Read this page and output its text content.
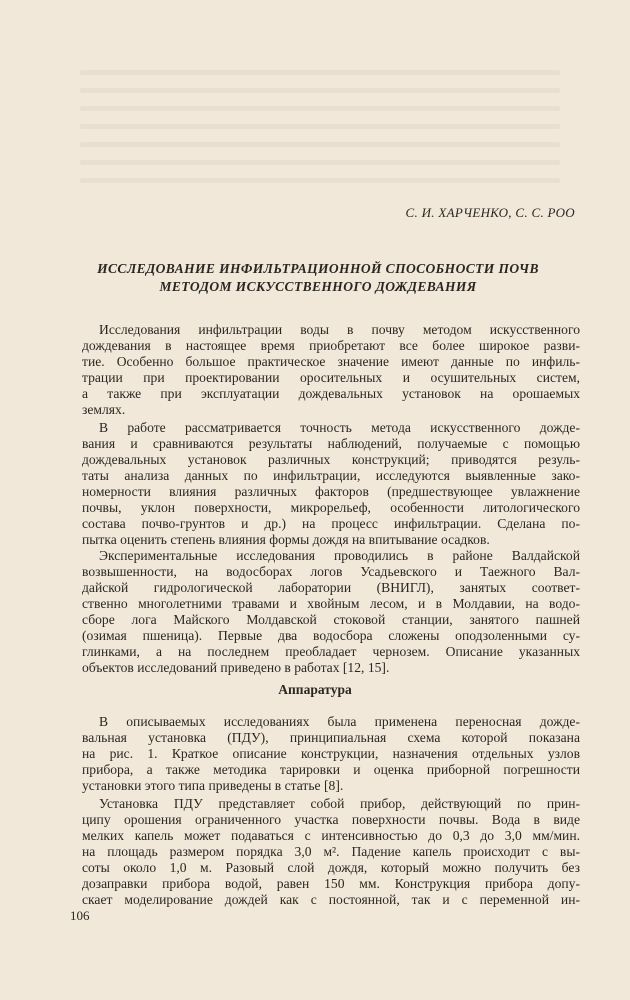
С. И. ХАРЧЕНКО, С. С. РОО
ИССЛЕДОВАНИЕ ИНФИЛЬТРАЦИОННОЙ СПОСОБНОСТИ ПОЧВ
МЕТОДОМ ИСКУССТВЕННОГО ДОЖДЕВАНИЯ
Исследования инфильтрации воды в почву методом искусственного
дождевания в настоящее время приобретают все более широкое разви-
тие. Особенно большое практическое значение имеют данные по инфиль-
трации при проектировании оросительных и осушительных систем,
а также при эксплуатации дождевальных установок на орошаемых
землях.
В работе рассматривается точность метода искусственного дожде-
вания и сравниваются результаты наблюдений, получаемые с помощью
дождевальных установок различных конструкций; приводятся резуль-
таты анализа данных по инфильтрации, исследуются выявленные зако-
номерности влияния различных факторов (предшествующее увлажнение
почвы, уклон поверхности, микрорельеф, особенности литологического
состава почво-грунтов и др.) на процесс инфильтрации. Сделана по-
пытка оценить степень влияния формы дождя на впитывание осадков.
Экспериментальные исследования проводились в районе Валдайской
возвышенности, на водосборах логов Усадьевского и Таежного Вал-
дайской гидрологической лаборатории (ВНИГЛ), занятых соответ-
ственно многолетними травами и хвойным лесом, и в Молдавии, на водо-
сборе лога Майского Молдавской стоковой станции, занятого пашней
(озимая пшеница). Первые два водосбора сложены оподзоленными су-
глинками, а на последнем преобладает чернозем. Описание указанных
объектов исследований приведено в работах [12, 15].
Аппаратура
В описываемых исследованиях была применена переносная дожде-
вальная установка (ПДУ), принципиальная схема которой показана
на рис. 1. Краткое описание конструкции, назначения отдельных узлов
прибора, а также методика тарировки и оценка приборной погрешности
установки этого типа приведены в статье [8].
Установка ПДУ представляет собой прибор, действующий по прин-
ципу орошения ограниченного участка поверхности почвы. Вода в виде
мелких капель может подаваться с интенсивностью до 0,3 до 3,0 мм/мин.
на площадь размером порядка 3,0 м². Падение капель происходит с вы-
соты около 1,0 м. Разовый слой дождя, который можно получить без
дозаправки прибора водой, равен 150 мм. Конструкция прибора допу-
скает моделирование дождей как с постоянной, так и с переменной ин-
106
